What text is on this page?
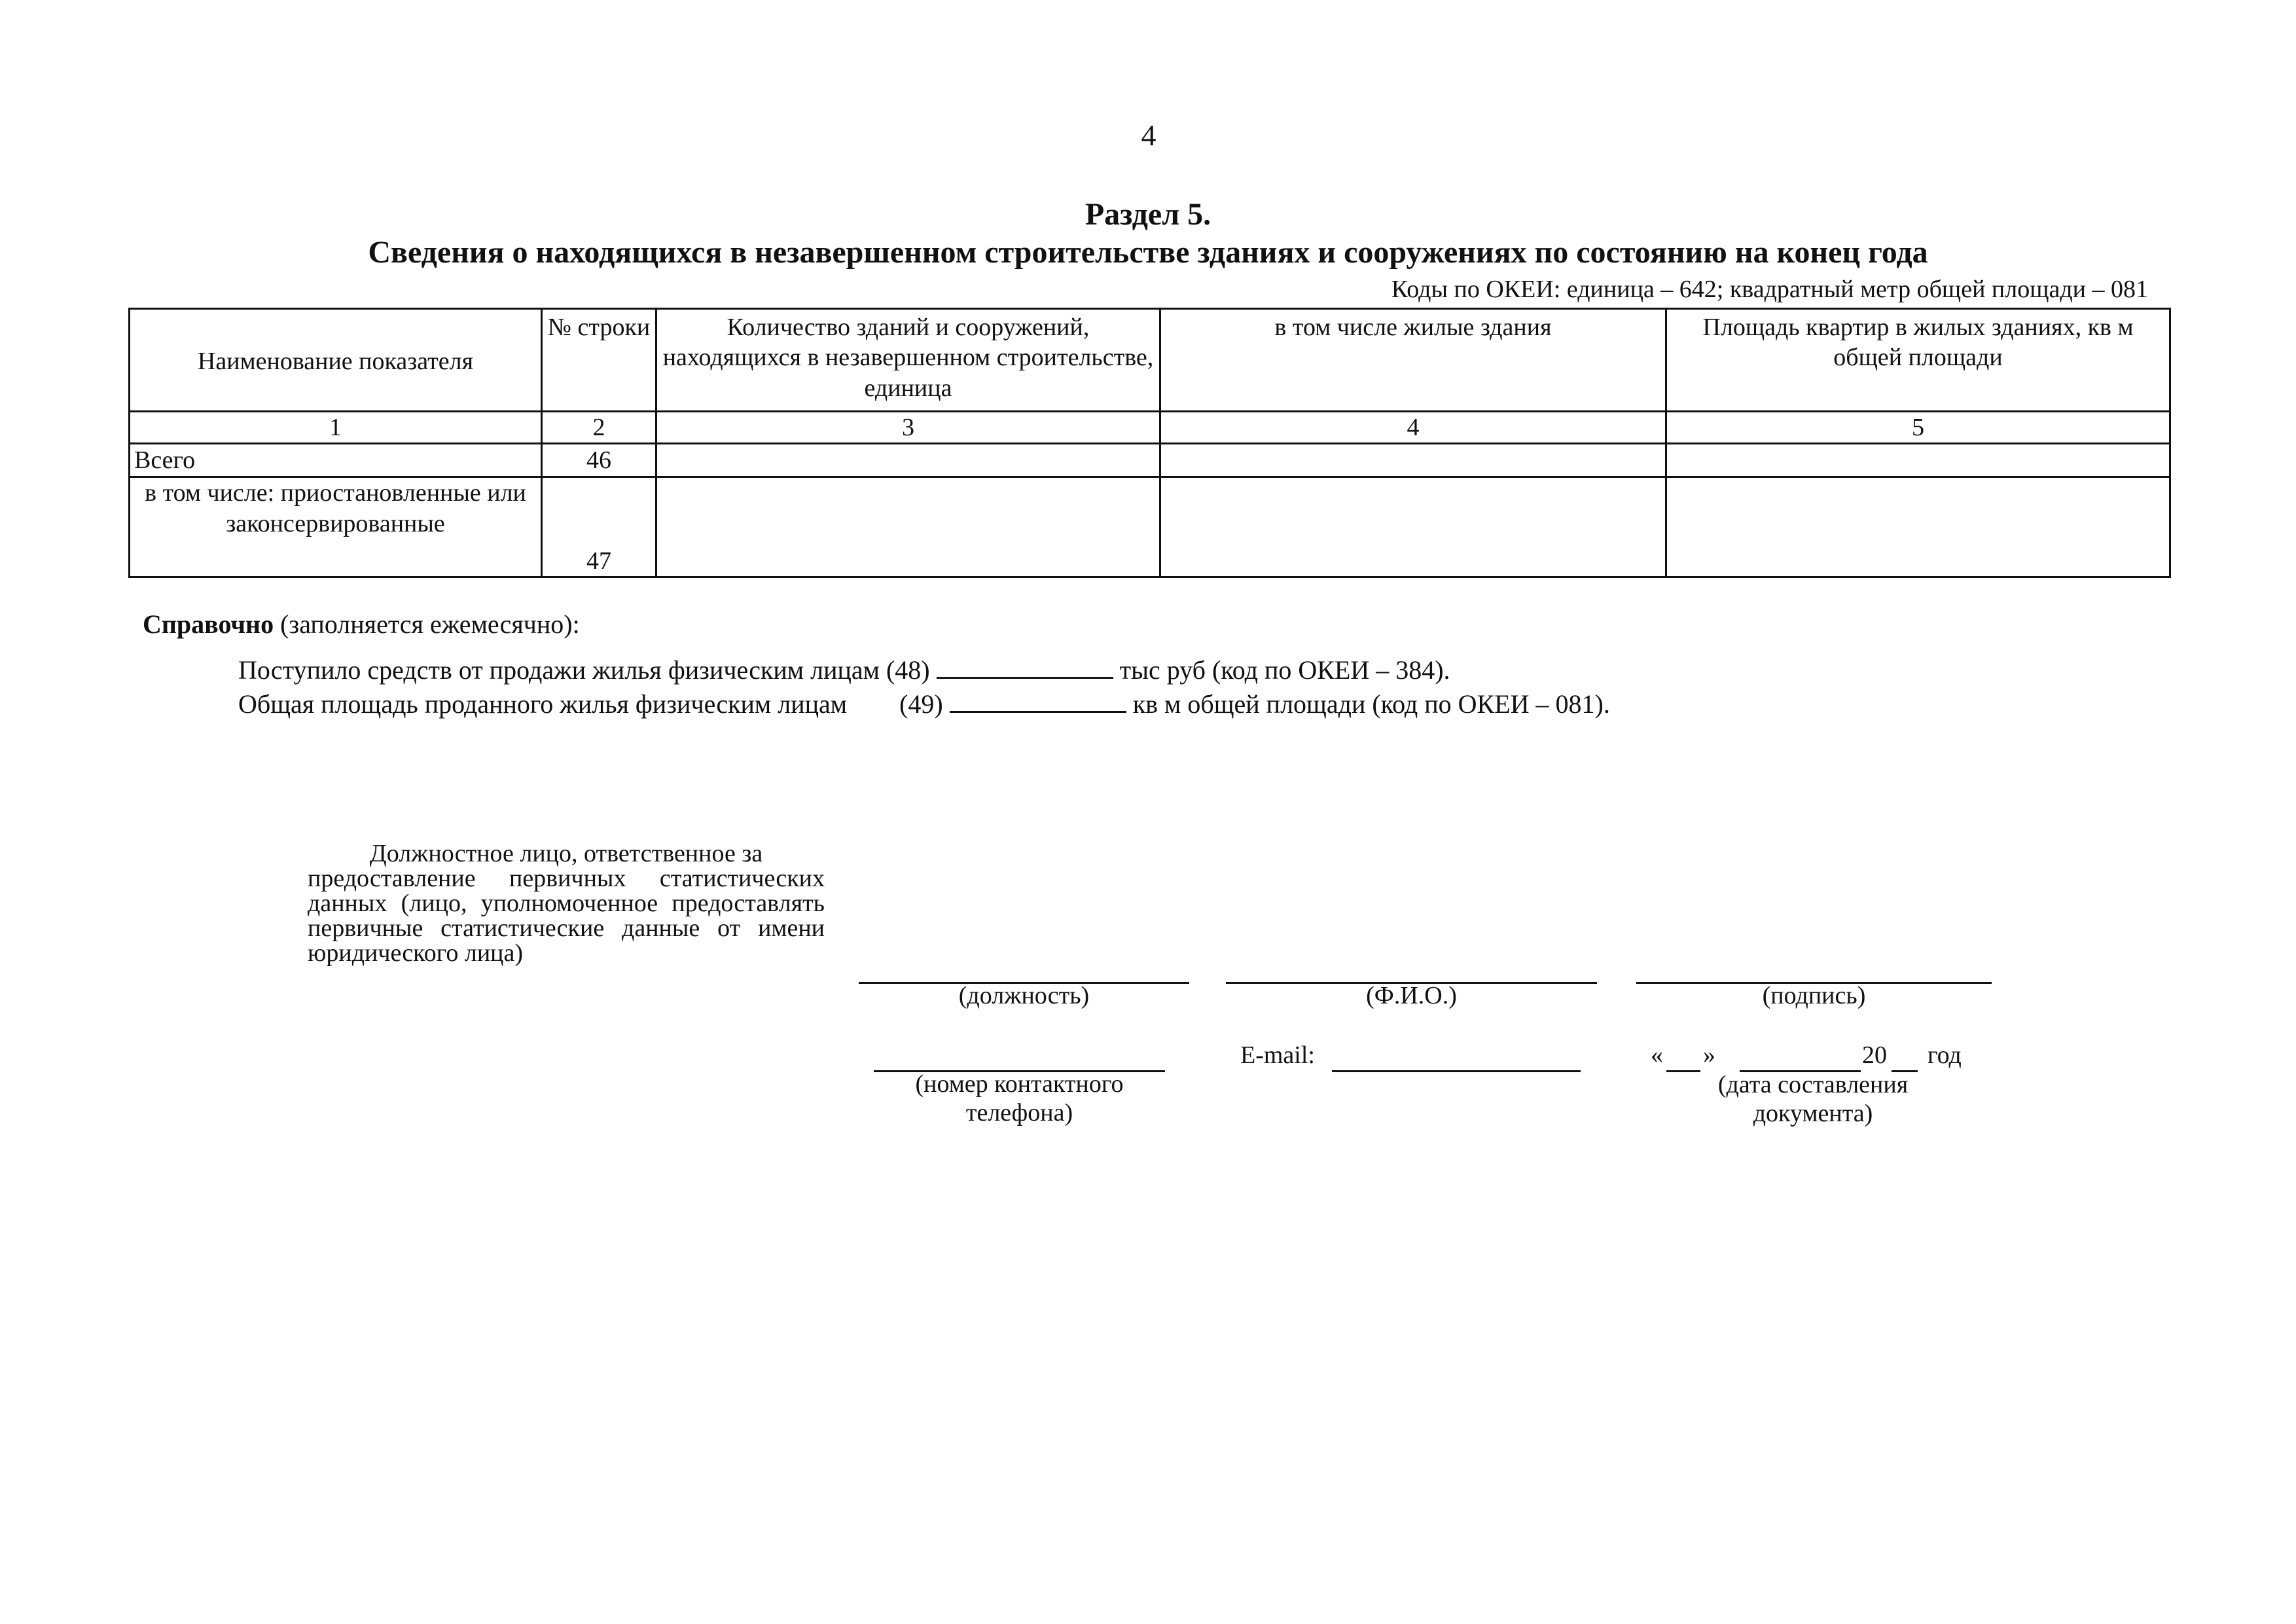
4
Раздел 5.
Сведения о находящихся в незавершенном строительстве зданиях и сооружениях по состоянию на конец года
Коды по ОКЕИ: единица – 642; квадратный метр общей площади – 081
Наименование показателя	№ строки	Количество зданий и сооружений, находящихся в незавершенном строительстве, единица	в том числе жилые здания	Площадь квартир в жилых зданиях, кв м общей площади
1	2	3	4	5
Всего	46			
в том числе: приостановленные или законсервированные	47			
Справочно (заполняется ежемесячно):
Поступило средств от продажи жилья физическим лицам (48)	тыс руб (код по ОКЕИ – 384).
Общая площадь проданного жилья физическим лицам (49)	кв м общей площади (код по ОКЕИ – 081).
Должностное лицо, ответственное за
предоставление первичных статистических данных (лицо, уполномоченное предоставлять первичные статистические данные от имени юридического лица)
(должность)	(Ф.И.О.)	(подпись)
(номер контактного телефона)
E-mail:	« »	20 год
(дата составления документа)
